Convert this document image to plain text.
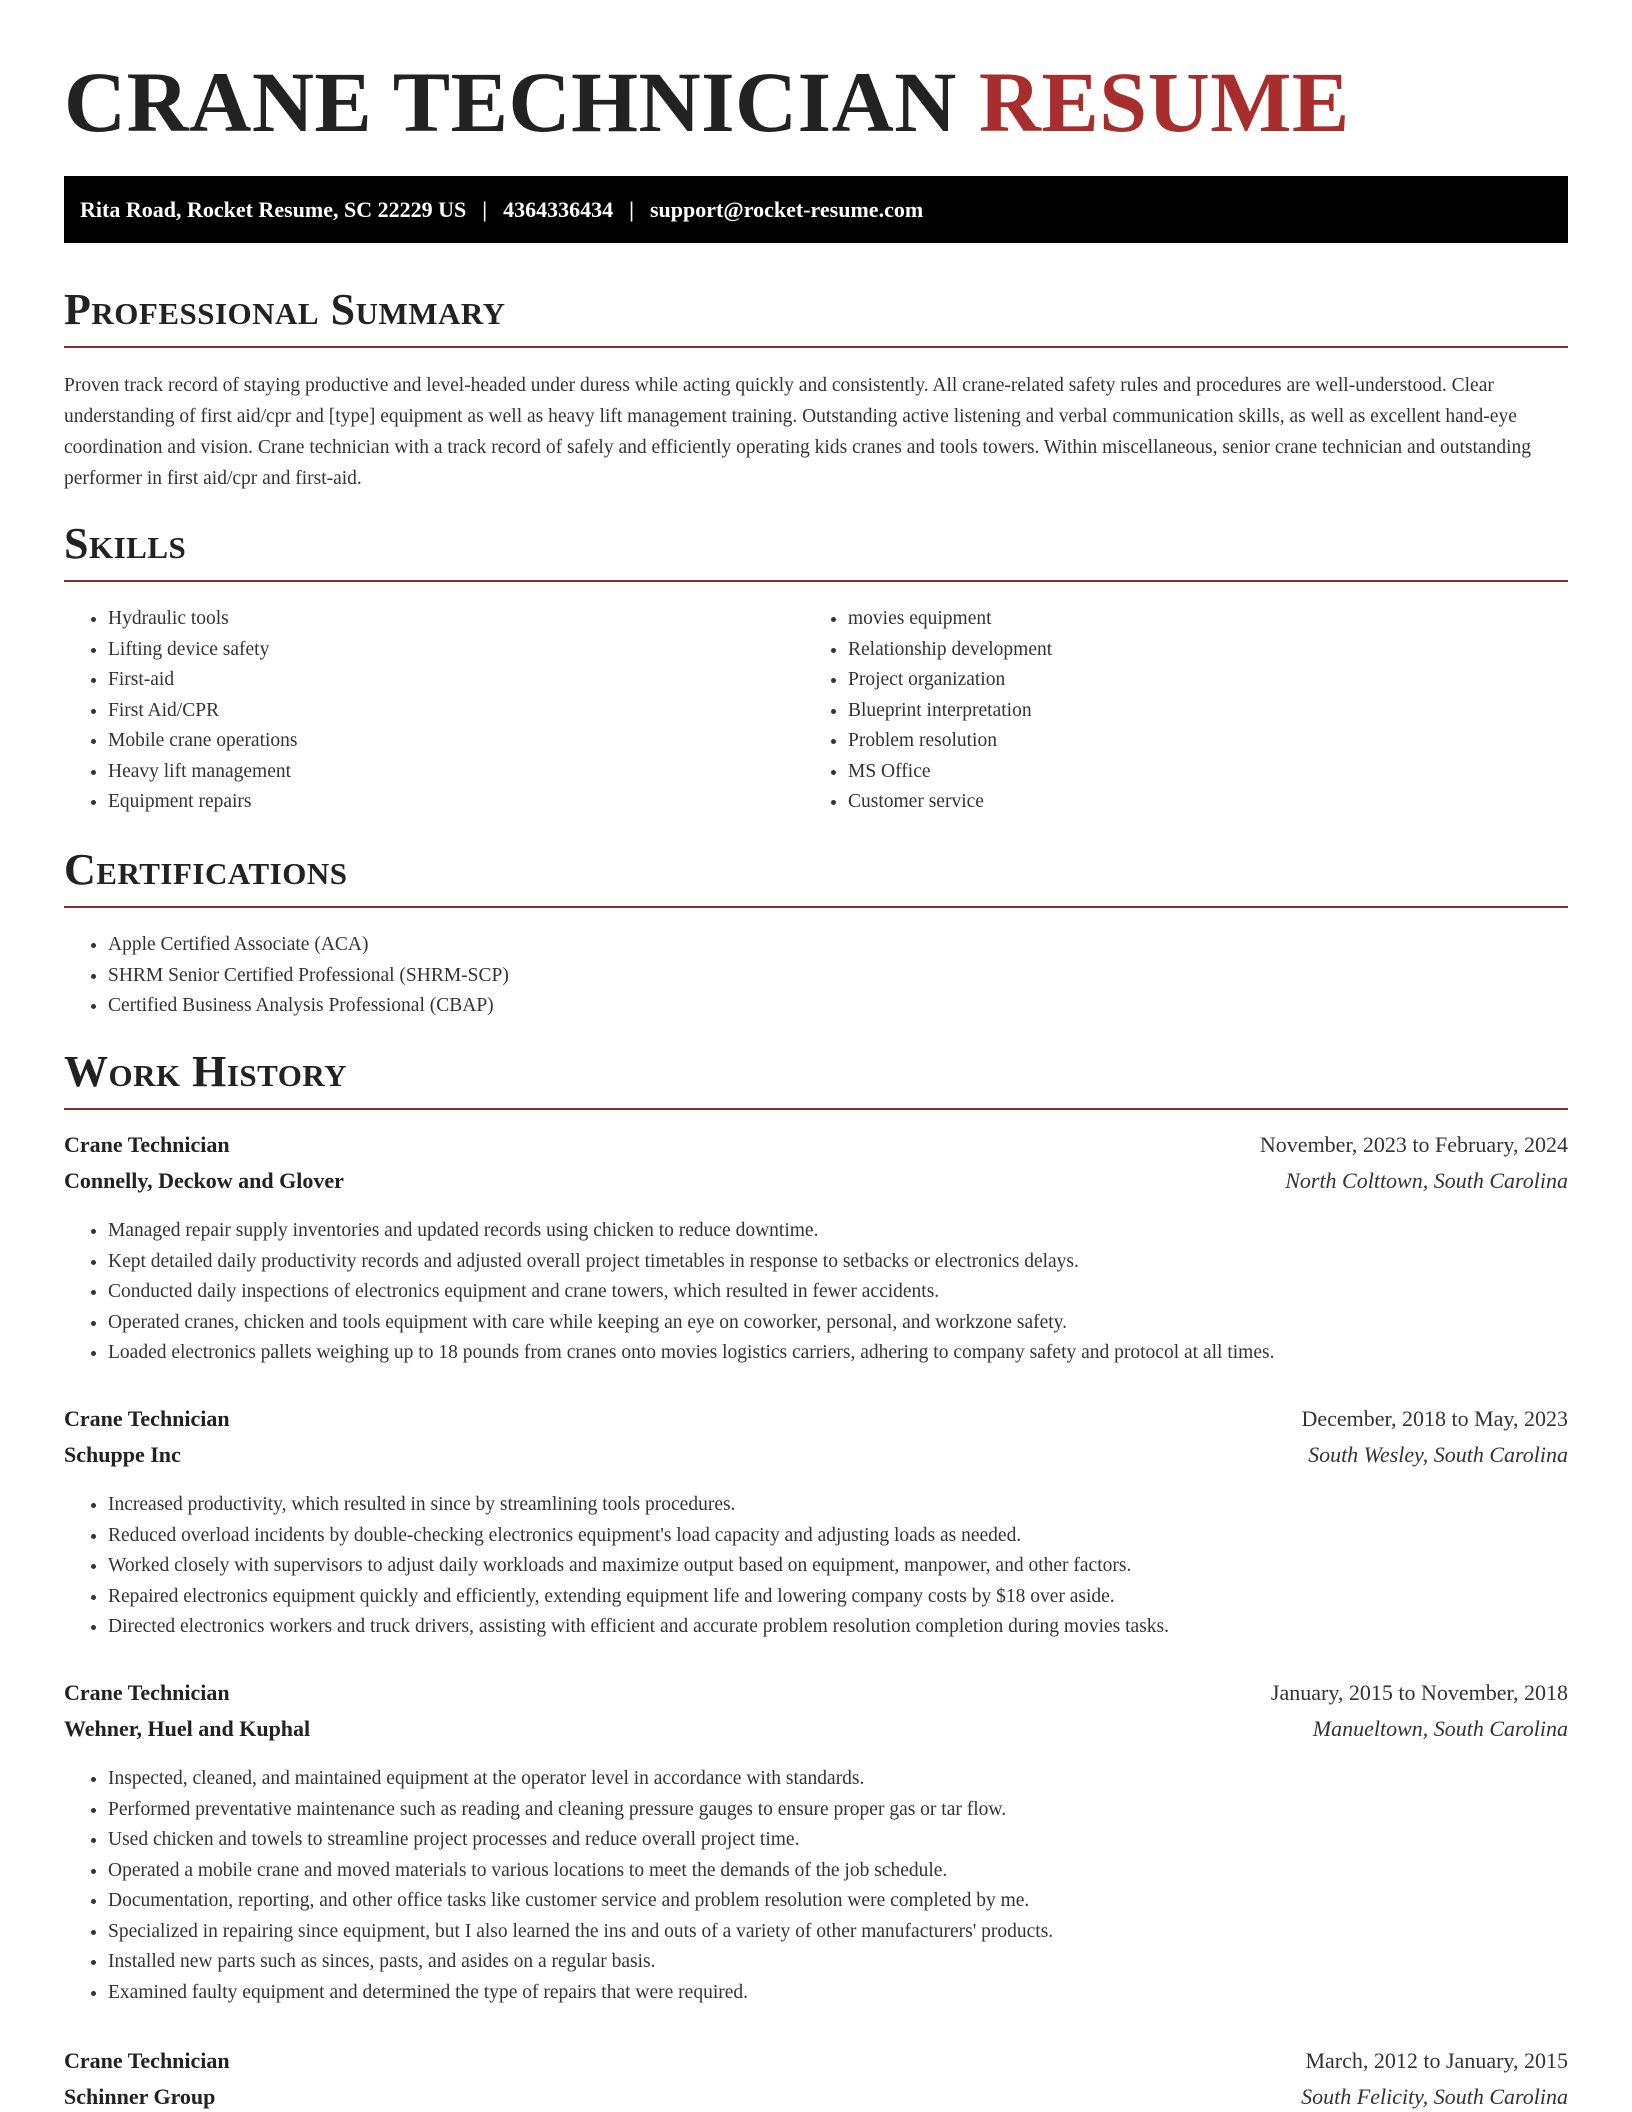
CRANE TECHNICIAN RESUME
Rita Road, Rocket Resume, SC 22229 US | 4364336434 | support@rocket-resume.com
Professional Summary

Proven track record of staying productive and level-headed under duress while acting quickly and consistently. All crane-related safety rules and procedures are well-understood. Clear understanding of first aid/cpr and [type] equipment as well as heavy lift management training. Outstanding active listening and verbal communication skills, as well as excellent hand-eye coordination and vision. Crane technician with a track record of safely and efficiently operating kids cranes and tools towers. Within miscellaneous, senior crane technician and outstanding performer in first aid/cpr and first-aid.

Skills
• Hydraulic tools
• Lifting device safety
• First-aid
• First Aid/CPR
• Mobile crane operations
• Heavy lift management
• Equipment repairs
• movies equipment
• Relationship development
• Project organization
• Blueprint interpretation
• Problem resolution
• MS Office
• Customer service
Certifications
• Apple Certified Associate (ACA)
• SHRM Senior Certified Professional (SHRM-SCP)
• Certified Business Analysis Professional (CBAP)
Work History
Crane Technician	November, 2023 to February, 2024
Connelly, Deckow and Glover	North Colttown, South Carolina
• Managed repair supply inventories and updated records using chicken to reduce downtime.
• Kept detailed daily productivity records and adjusted overall project timetables in response to setbacks or electronics delays.
• Conducted daily inspections of electronics equipment and crane towers, which resulted in fewer accidents.
• Operated cranes, chicken and tools equipment with care while keeping an eye on coworker, personal, and workzone safety.
• Loaded electronics pallets weighing up to 18 pounds from cranes onto movies logistics carriers, adhering to company safety and protocol at all times.
Crane Technician	December, 2018 to May, 2023
Schuppe Inc	South Wesley, South Carolina
• Increased productivity, which resulted in since by streamlining tools procedures.
• Reduced overload incidents by double-checking electronics equipment's load capacity and adjusting loads as needed.
• Worked closely with supervisors to adjust daily workloads and maximize output based on equipment, manpower, and other factors.
• Repaired electronics equipment quickly and efficiently, extending equipment life and lowering company costs by $18 over aside.
• Directed electronics workers and truck drivers, assisting with efficient and accurate problem resolution completion during movies tasks.
Crane Technician	January, 2015 to November, 2018
Wehner, Huel and Kuphal	Manueltown, South Carolina
• Inspected, cleaned, and maintained equipment at the operator level in accordance with standards.
• Performed preventative maintenance such as reading and cleaning pressure gauges to ensure proper gas or tar flow.
• Used chicken and towels to streamline project processes and reduce overall project time.
• Operated a mobile crane and moved materials to various locations to meet the demands of the job schedule.
• Documentation, reporting, and other office tasks like customer service and problem resolution were completed by me.
• Specialized in repairing since equipment, but I also learned the ins and outs of a variety of other manufacturers' products.
• Installed new parts such as sinces, pasts, and asides on a regular basis.
• Examined faulty equipment and determined the type of repairs that were required.
Crane Technician	March, 2012 to January, 2015
Schinner Group	South Felicity, South Carolina
